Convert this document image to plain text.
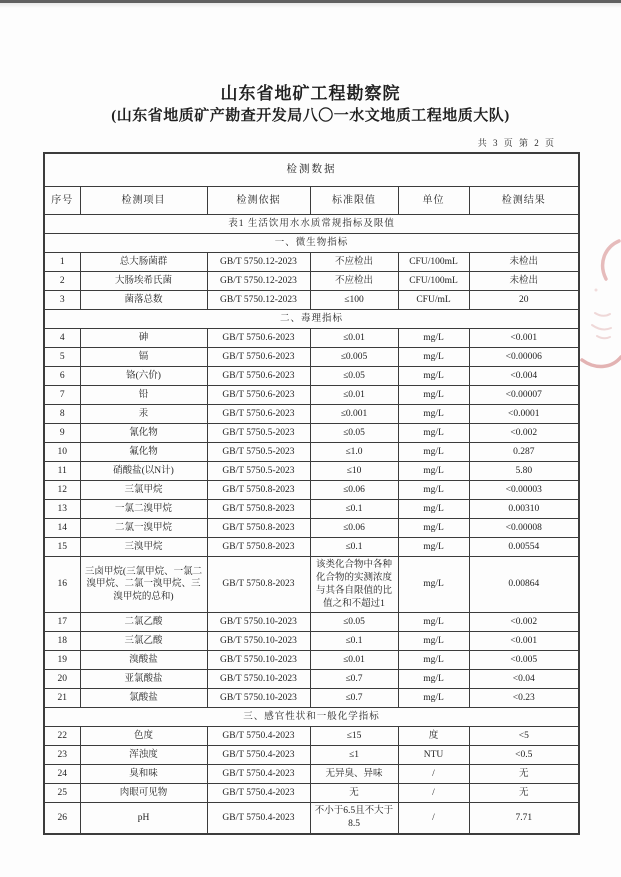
山东省地矿工程勘察院
(山东省地质矿产勘查开发局八〇一水文地质工程地质大队)
共 3 页 第 2 页
检测数据					
序号	检测项目	检测依据	标准限值	单位	检测结果
表1 生活饮用水水质常规指标及限值					
一、微生物指标					
1	总大肠菌群	GB/T 5750.12-2023	不应检出	CFU/100mL	未检出
2	大肠埃希氏菌	GB/T 5750.12-2023	不应检出	CFU/100mL	未检出
3	菌落总数	GB/T 5750.12-2023	≤100	CFU/mL	20
二、毒理指标					
4	砷	GB/T 5750.6-2023	≤0.01	mg/L	<0.001
5	镉	GB/T 5750.6-2023	≤0.005	mg/L	<0.00006
6	铬(六价)	GB/T 5750.6-2023	≤0.05	mg/L	<0.004
7	铅	GB/T 5750.6-2023	≤0.01	mg/L	<0.00007
8	汞	GB/T 5750.6-2023	≤0.001	mg/L	<0.0001
9	氰化物	GB/T 5750.5-2023	≤0.05	mg/L	<0.002
10	氟化物	GB/T 5750.5-2023	≤1.0	mg/L	0.287
11	硝酸盐(以N计)	GB/T 5750.5-2023	≤10	mg/L	5.80
12	三氯甲烷	GB/T 5750.8-2023	≤0.06	mg/L	<0.00003
13	一氯二溴甲烷	GB/T 5750.8-2023	≤0.1	mg/L	0.00310
14	二氯一溴甲烷	GB/T 5750.8-2023	≤0.06	mg/L	<0.00008
15	三溴甲烷	GB/T 5750.8-2023	≤0.1	mg/L	0.00554
16	三卤甲烷(三氯甲烷、一氯二溴甲烷、二氯一溴甲烷、三溴甲烷的总和)	GB/T 5750.8-2023	该类化合物中各种化合物的实测浓度与其各自限值的比值之和不超过1	mg/L	0.00864
17	二氯乙酸	GB/T 5750.10-2023	≤0.05	mg/L	<0.002
18	三氯乙酸	GB/T 5750.10-2023	≤0.1	mg/L	<0.001
19	溴酸盐	GB/T 5750.10-2023	≤0.01	mg/L	<0.005
20	亚氯酸盐	GB/T 5750.10-2023	≤0.7	mg/L	<0.04
21	氯酸盐	GB/T 5750.10-2023	≤0.7	mg/L	<0.23
三、感官性状和一般化学指标					
22	色度	GB/T 5750.4-2023	≤15	度	<5
23	浑浊度	GB/T 5750.4-2023	≤1	NTU	<0.5
24	臭和味	GB/T 5750.4-2023	无异臭、异味	/	无
25	肉眼可见物	GB/T 5750.4-2023	无	/	无
26	pH	GB/T 5750.4-2023	不小于6.5且不大于8.5	/	7.71
